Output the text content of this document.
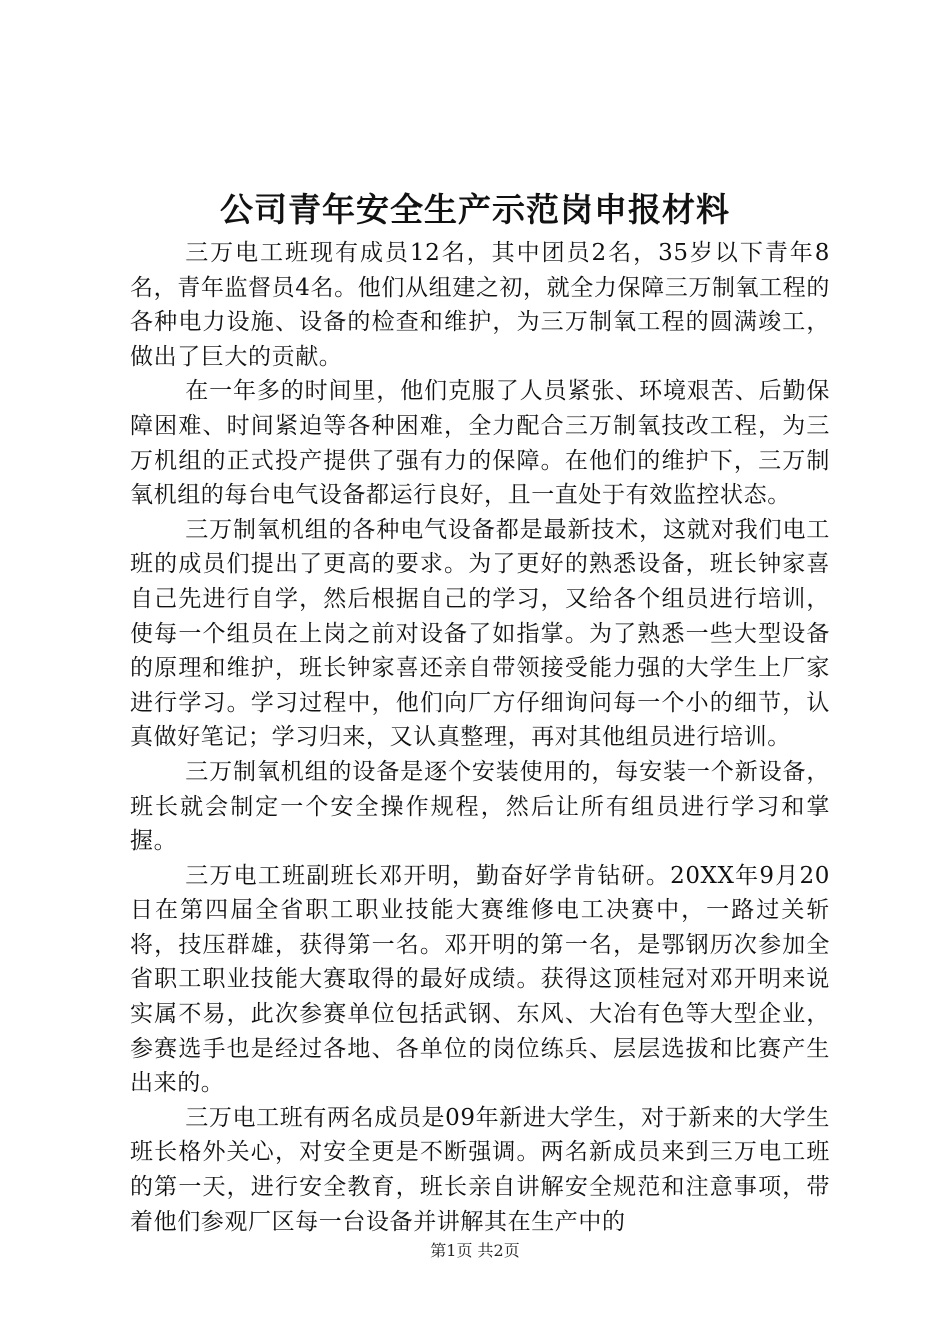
公司青年安全生产示范岗申报材料

三万电工班现有成员12名，其中团员2名，35岁以下青年8名，青年监督员4名。他们从组建之初，就全力保障三万制氧工程的各种电力设施、设备的检查和维护，为三万制氧工程的圆满竣工，做出了巨大的贡献。

在一年多的时间里，他们克服了人员紧张、环境艰苦、后勤保障困难、时间紧迫等各种困难，全力配合三万制氧技改工程，为三万机组的正式投产提供了强有力的保障。在他们的维护下，三万制氧机组的每台电气设备都运行良好，且一直处于有效监控状态。

三万制氧机组的各种电气设备都是最新技术，这就对我们电工班的成员们提出了更高的要求。为了更好的熟悉设备，班长钟家喜自己先进行自学，然后根据自己的学习，又给各个组员进行培训，使每一个组员在上岗之前对设备了如指掌。为了熟悉一些大型设备的原理和维护，班长钟家喜还亲自带领接受能力强的大学生上厂家进行学习。学习过程中，他们向厂方仔细询问每一个小的细节，认真做好笔记；学习归来，又认真整理，再对其他组员进行培训。

三万制氧机组的设备是逐个安装使用的，每安装一个新设备，班长就会制定一个安全操作规程，然后让所有组员进行学习和掌握。

三万电工班副班长邓开明，勤奋好学肯钻研。20XX年9月20日在第四届全省职工职业技能大赛维修电工决赛中，一路过关斩将，技压群雄，获得第一名。邓开明的第一名，是鄂钢历次参加全省职工职业技能大赛取得的最好成绩。获得这顶桂冠对邓开明来说实属不易，此次参赛单位包括武钢、东风、大冶有色等大型企业，参赛选手也是经过各地、各单位的岗位练兵、层层选拔和比赛产生出来的。

三万电工班有两名成员是09年新进大学生，对于新来的大学生班长格外关心，对安全更是不断强调。两名新成员来到三万电工班的第一天，进行安全教育，班长亲自讲解安全规范和注意事项，带着他们参观厂区每一台设备并讲解其在生产中的

第1页 共2页
